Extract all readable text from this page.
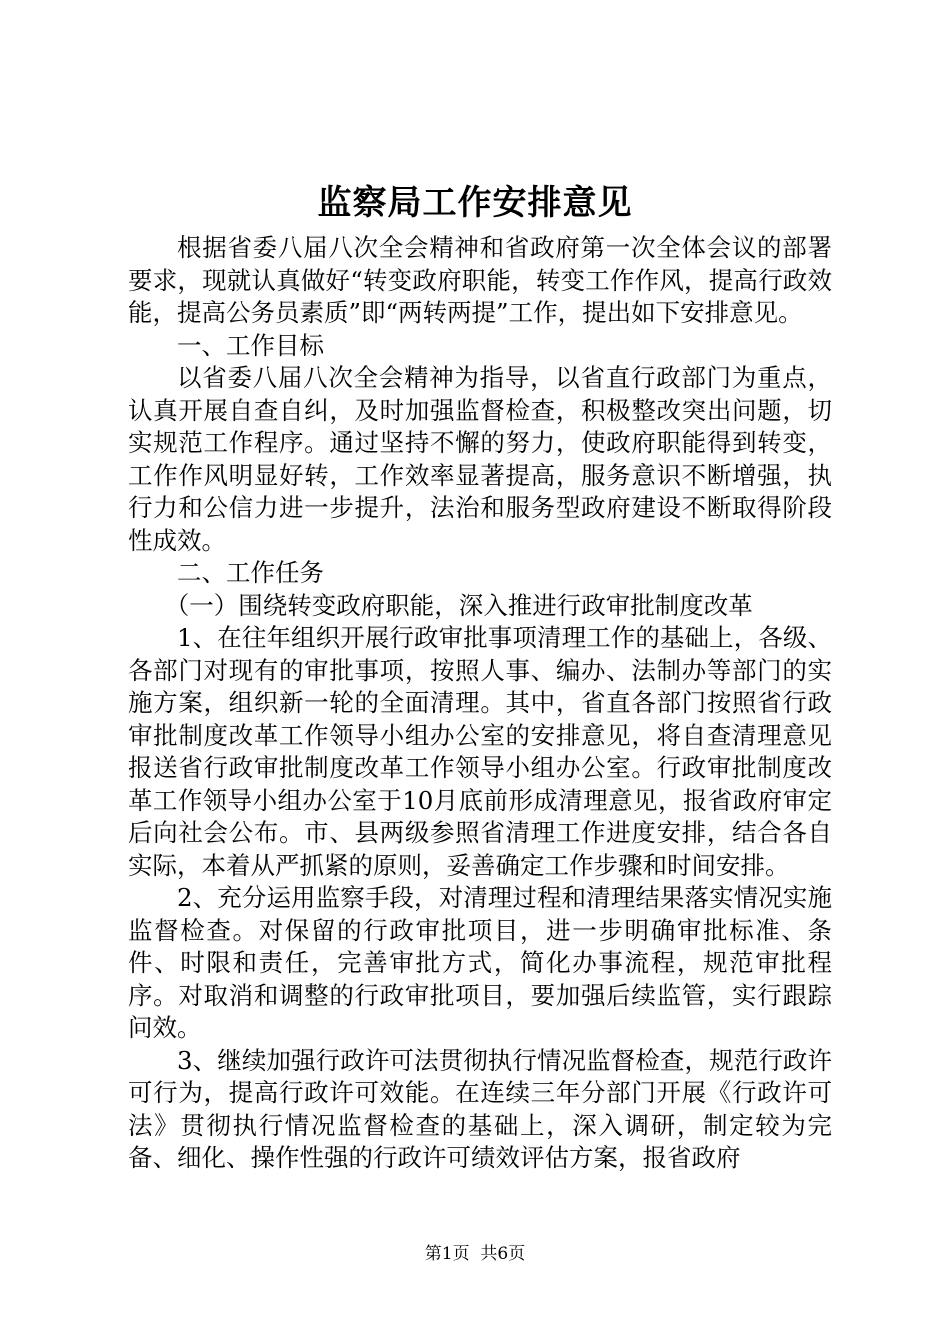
监察局工作安排意见

根据省委八届八次全会精神和省政府第一次全体会议的部署要求，现就认真做好“转变政府职能，转变工作作风，提高行政效能，提高公务员素质”即“两转两提”工作，提出如下安排意见。

一、工作目标

以省委八届八次全会精神为指导，以省直行政部门为重点，认真开展自查自纠，及时加强监督检查，积极整改突出问题，切实规范工作程序。通过坚持不懈的努力，使政府职能得到转变，工作作风明显好转，工作效率显著提高，服务意识不断增强，执行力和公信力进一步提升，法治和服务型政府建设不断取得阶段性成效。

二、工作任务

（一）围绕转变政府职能，深入推进行政审批制度改革

1、在往年组织开展行政审批事项清理工作的基础上，各级、各部门对现有的审批事项，按照人事、编办、法制办等部门的实施方案，组织新一轮的全面清理。其中，省直各部门按照省行政审批制度改革工作领导小组办公室的安排意见，将自查清理意见报送省行政审批制度改革工作领导小组办公室。行政审批制度改革工作领导小组办公室于10月底前形成清理意见，报省政府审定后向社会公布。市、县两级参照省清理工作进度安排，结合各自实际，本着从严抓紧的原则，妥善确定工作步骤和时间安排。

2、充分运用监察手段，对清理过程和清理结果落实情况实施监督检查。对保留的行政审批项目，进一步明确审批标准、条件、时限和责任，完善审批方式，简化办事流程，规范审批程序。对取消和调整的行政审批项目，要加强后续监管，实行跟踪问效。

3、继续加强行政许可法贯彻执行情况监督检查，规范行政许可行为，提高行政许可效能。在连续三年分部门开展《行政许可法》贯彻执行情况监督检查的基础上，深入调研，制定较为完备、细化、操作性强的行政许可绩效评估方案，报省政府

第1页 共6页
